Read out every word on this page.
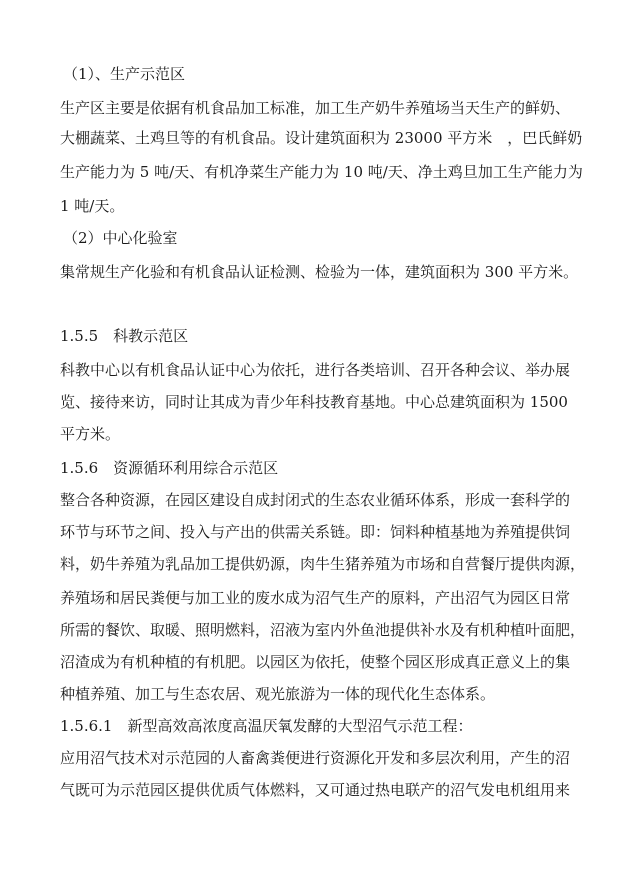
（1）、生产示范区
生产区主要是依据有机食品加工标准，加工生产奶牛养殖场当天生产的鲜奶、
大棚蔬菜、土鸡旦等的有机食品。设计建筑面积为 23000 平方米　，巴氏鲜奶
生产能力为 5 吨/天、有机净菜生产能力为 10 吨/天、净土鸡旦加工生产能力为
1 吨/天。
（2）中心化验室
集常规生产化验和有机食品认证检测、检验为一体，建筑面积为 300 平方米。
1.5.5　科教示范区
科教中心以有机食品认证中心为依托，进行各类培训、召开各种会议、举办展
览、接待来访，同时让其成为青少年科技教育基地。中心总建筑面积为 1500
平方米。
1.5.6　资源循环利用综合示范区
整合各种资源，在园区建设自成封闭式的生态农业循环体系，形成一套科学的
环节与环节之间、投入与产出的供需关系链。即：饲料种植基地为养殖提供饲
料，奶牛养殖为乳品加工提供奶源，肉牛生猪养殖为市场和自营餐厅提供肉源，
养殖场和居民粪便与加工业的废水成为沼气生产的原料，产出沼气为园区日常
所需的餐饮、取暖、照明燃料，沼液为室内外鱼池提供补水及有机种植叶面肥，
沼渣成为有机种植的有机肥。以园区为依托，使整个园区形成真正意义上的集
种植养殖、加工与生态农居、观光旅游为一体的现代化生态体系。
1.5.6.1　新型高效高浓度高温厌氧发酵的大型沼气示范工程：
应用沼气技术对示范园的人畜禽粪便进行资源化开发和多层次利用，产生的沼
气既可为示范园区提供优质气体燃料，又可通过热电联产的沼气发电机组用来
